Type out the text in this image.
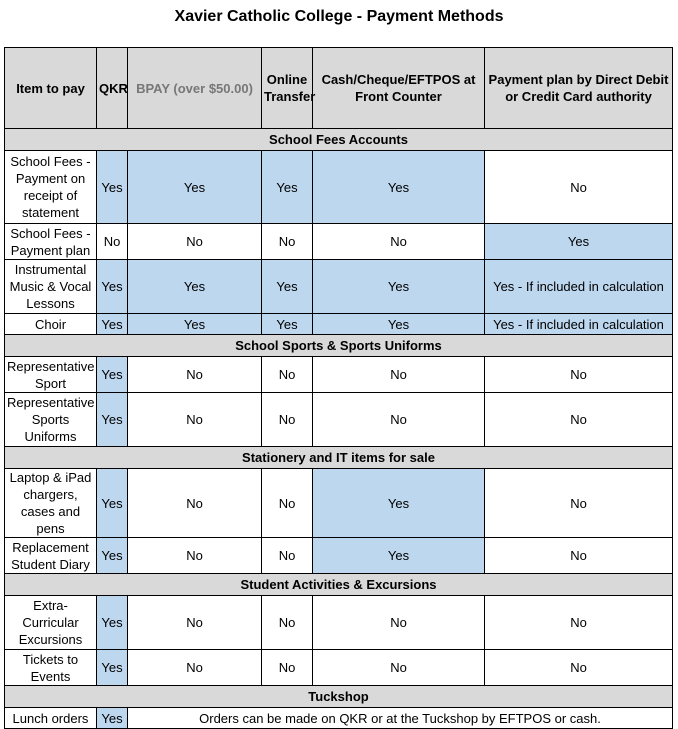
Xavier Catholic College - Payment Methods
Item to pay	QKR	BPAY (over $50.00)	Online Transfer	Cash/Cheque/EFTPOS at Front Counter	Payment plan by Direct Debit or Credit Card authority
School Fees Accounts					
School Fees - Payment on receipt of statement	Yes	Yes	Yes	Yes	No
School Fees - Payment plan	No	No	No	No	Yes
Instrumental Music & Vocal Lessons	Yes	Yes	Yes	Yes	Yes - If included in calculation
Choir	Yes	Yes	Yes	Yes	Yes - If included in calculation
School Sports & Sports Uniforms					
Representative Sport	Yes	No	No	No	No
Representative Sports Uniforms	Yes	No	No	No	No
Stationery and IT items for sale					
Laptop & iPad chargers, cases and pens	Yes	No	No	Yes	No
Replacement Student Diary	Yes	No	No	Yes	No
Student Activities & Excursions					
Extra-Curricular Excursions	Yes	No	No	No	No
Tickets to Events	Yes	No	No	No	No
Tuckshop					
Lunch orders	Yes	Orders can be made on QKR or at the Tuckshop by EFTPOS or cash.			
